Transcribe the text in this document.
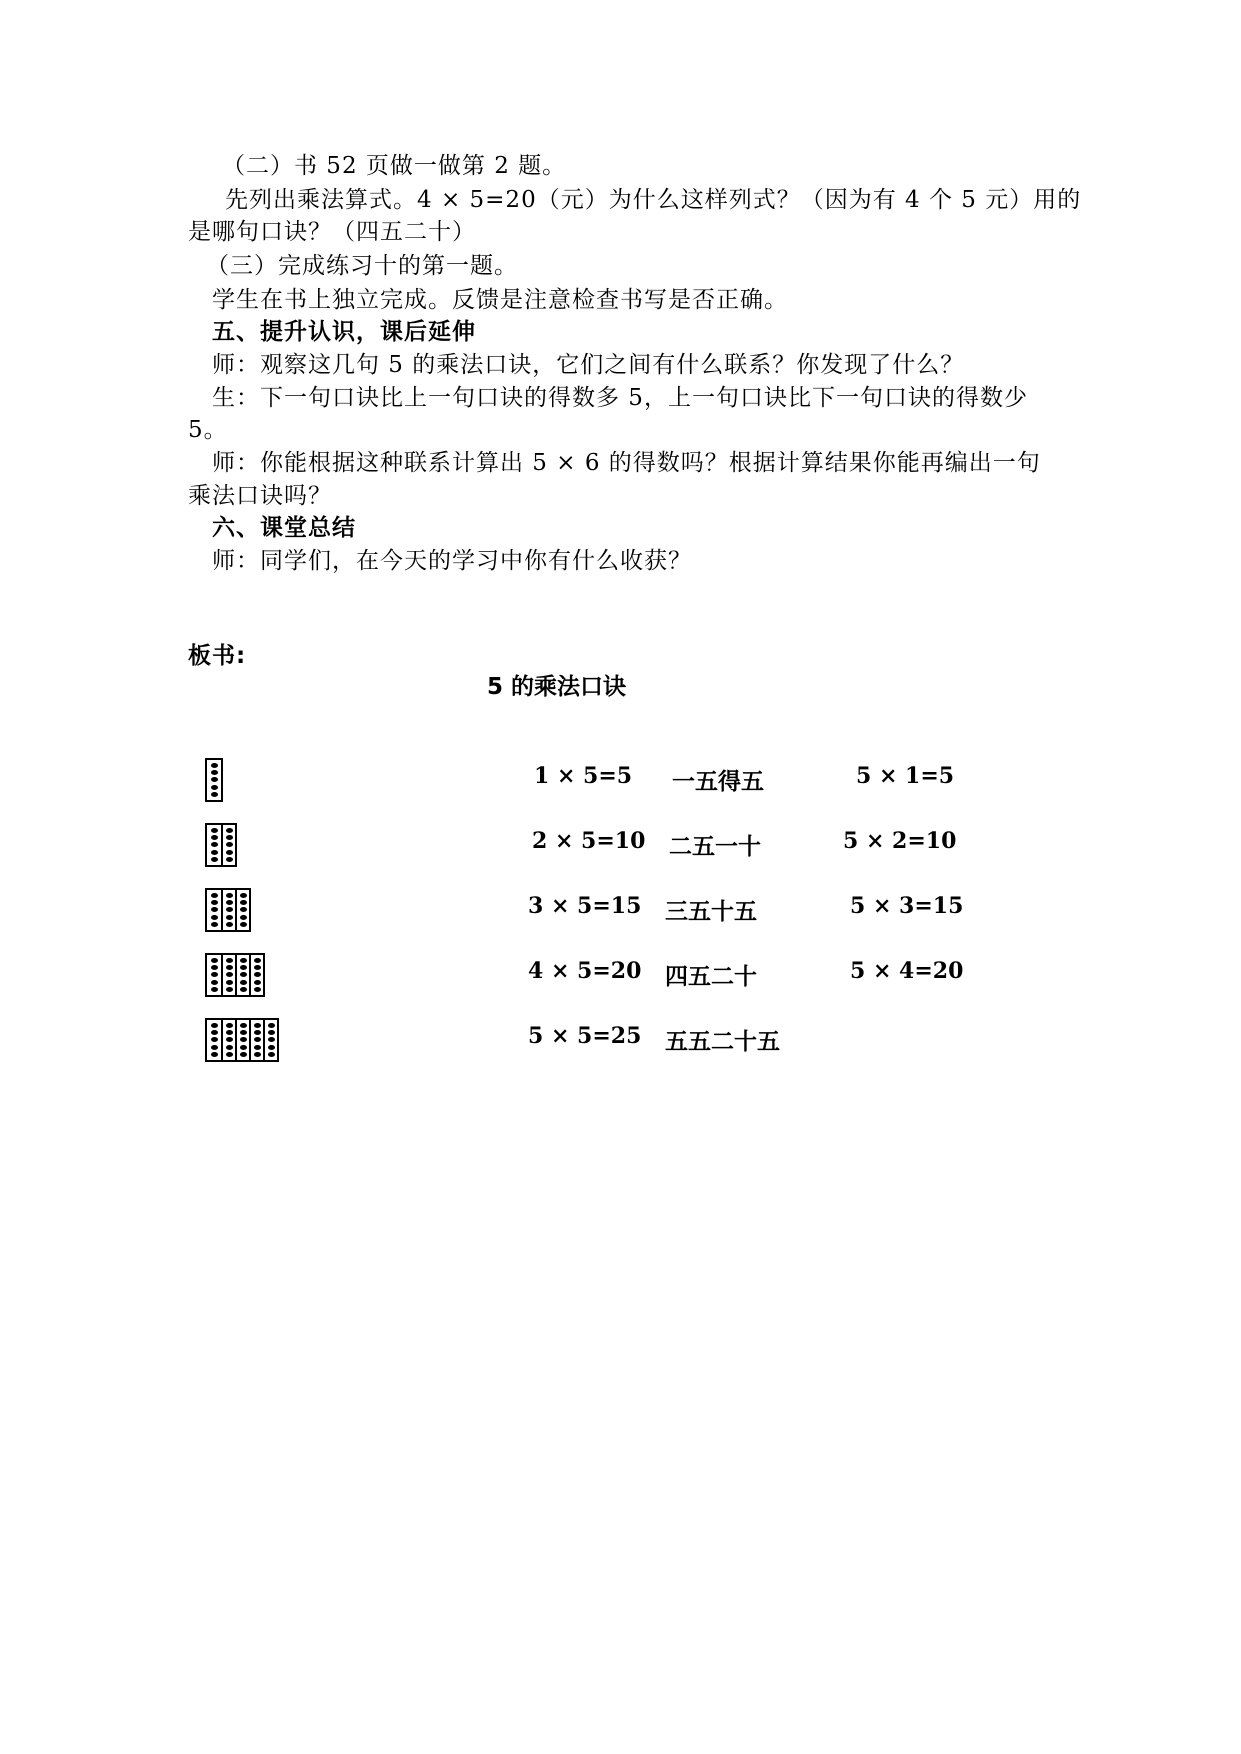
（二）书 52 页做一做第 2 题。
先列出乘法算式。4 × 5=20（元）为什么这样列式？（因为有 4 个 5 元）用的
是哪句口诀？（四五二十）
（三）完成练习十的第一题。
学生在书上独立完成。反馈是注意检查书写是否正确。
五、提升认识，课后延伸
师：观察这几句 5 的乘法口诀，它们之间有什么联系？你发现了什么？
生：下一句口诀比上一句口诀的得数多 5，上一句口诀比下一句口诀的得数少
5。
师：你能根据这种联系计算出 5 × 6 的得数吗？根据计算结果你能再编出一句
乘法口诀吗？
六、课堂总结
师：同学们，在今天的学习中你有什么收获？
板书:
5 的乘法口诀
1 × 5=5 一五得五	5 × 1=5
2 × 5=10 二五一十	5 × 2=10
3 × 5=15 三五十五	5 × 3=15
4 × 5=20 四五二十	5 × 4=20
5 × 5=25 五五二十五
